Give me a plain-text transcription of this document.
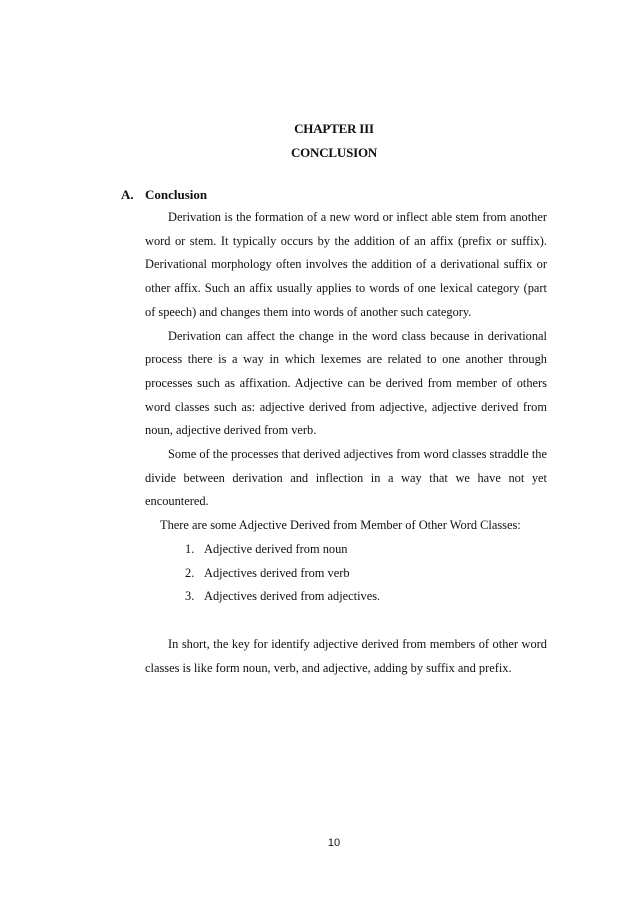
CHAPTER III
CONCLUSION
A. Conclusion

Derivation is the formation of a new word or inflect able stem from another word or stem. It typically occurs by the addition of an affix (prefix or suffix). Derivational morphology often involves the addition of a derivational suffix or other affix. Such an affix usually applies to words of one lexical category (part of speech) and changes them into words of another such category.

Derivation can affect the change in the word class because in derivational process there is a way in which lexemes are related to one another through processes such as affixation. Adjective can be derived from member of others word classes such as: adjective derived from adjective, adjective derived from noun, adjective derived from verb.

Some of the processes that derived adjectives from word classes straddle the divide between derivation and inflection in a way that we have not yet encountered.

There are some Adjective Derived from Member of Other Word Classes:

1. Adjective derived from noun
2. Adjectives derived from verb
3. Adjectives derived from adjectives.

In short, the key for identify adjective derived from members of other word classes is like form noun, verb, and adjective, adding by suffix and prefix.

10
